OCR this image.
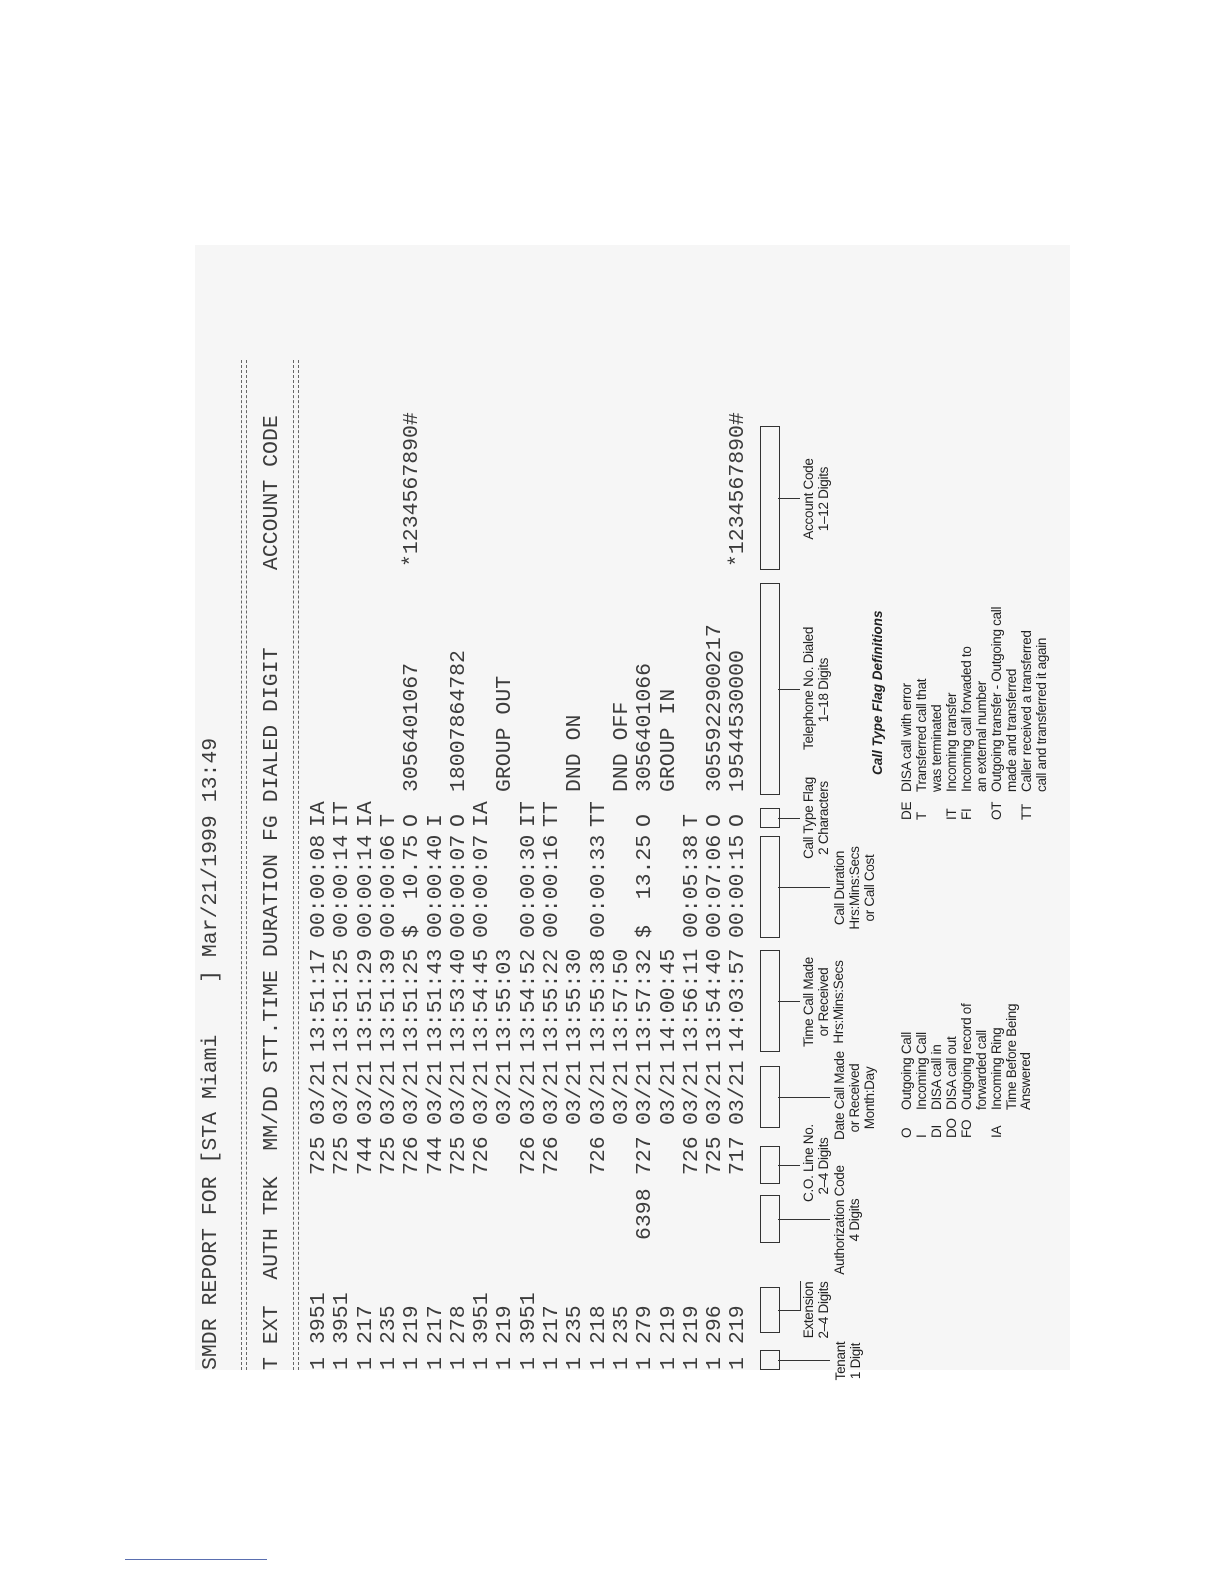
SMDR REPORT FOR [STA Miami    ] Mar/21/1999 13:49 T EXT  AUTH TRK  MM/DD STT.TIME DURATION FG DIALED DIGIT      ACCOUNT CODE 1
3951
725
03/21
13:51:17
00:00:08
IA
1
3951
725
03/21
13:51:25
00:00:14
IT
1
217
744
03/21
13:51:29
00:00:14
IA
1
235
725
03/21
13:51:39
00:00:06
T
1
219
726
03/21
13:51:25
$  10.75
O
3056401067
*1234567890#
1
217
744
03/21
13:51:43
00:00:40
I
1
278
725
03/21
13:53:40
00:00:07
O
18007864782
1
3951
726
03/21
13:54:45
00:00:07
IA
1
219
03/21
13:55:03
GROUP OUT
1
3951
726
03/21
13:54:52
00:00:30
IT
1
217
726
03/21
13:55:22
00:00:16
TT
1
235
03/21
13:55:30
DND ON
1
218
726
03/21
13:55:38
00:00:33
TT
1
235
03/21
13:57:50
DND OFF
1
279
6398
727
03/21
13:57:32
$  13.25
O
3056401066
1
219
03/21
14:00:45
GROUP IN
1
219
726
03/21
13:56:11
00:05:38
T
1
296
725
03/21
13:54:40
00:07:06
O
3055922900217
1
219
717
03/21
14:03:57
00:00:15
O
19544530000
*1234567890#
Tenant
1 Digit
Extension
2–4 Digits
Authorization Code
4 Digits
C.O. Line No.
2–4 Digits
Date Call Made
or Received
Month:Day
Time Call Made
or Received
Hrs:Mins:Secs
Call Duration
Hrs:Mins:Secs
or Call Cost
Call Type Flag
2 Characters
Telephone No. Dialed
1–18 Digits
Account Code
1–12 Digits
Call Type Flag Definitions
O
Outgoing Call
I
Incoming Call
DI
DISA call in
DO
DISA call out
FO
Outgoing record of
forwarded call
IA
Incoming Ring
Time Before Being
Answered
DE
DISA call with error
T
Transferred call that
was terminated
IT
Incoming transfer
FI
Incoming call forwaded to
an external number
OT
Outgoing transfer - Outgoing call
made and transferred
TT
Caller received a transferred
call and transferred it again
